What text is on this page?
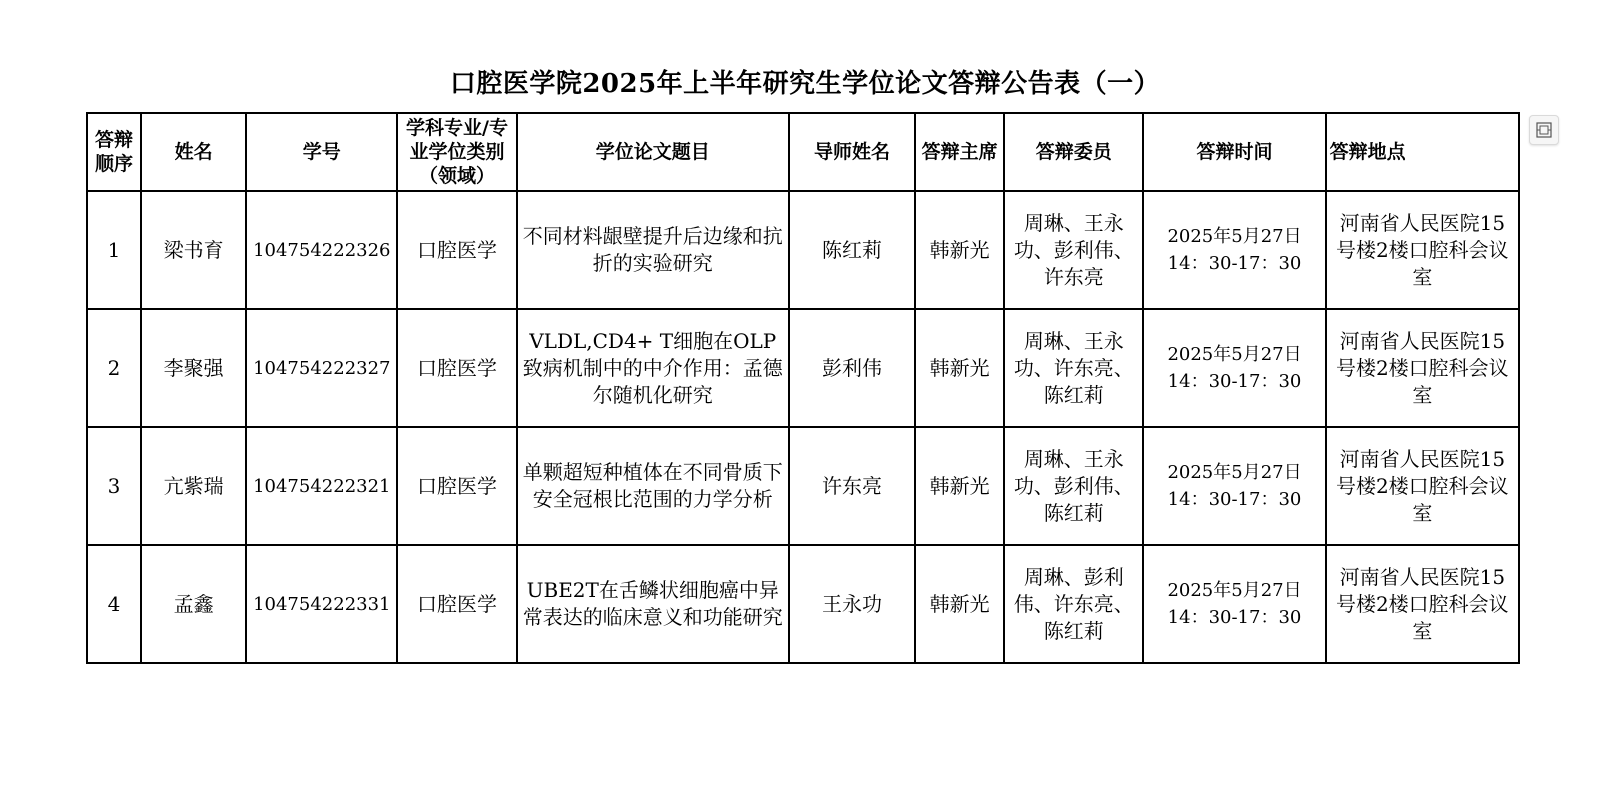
口腔医学院2025年上半年研究生学位论文答辩公告表（一）
答辩顺序	姓名	学号	学科专业/专业学位类别（领域）	学位论文题目	导师姓名	答辩主席	答辩委员	答辩时间	答辩地点
1	梁书育	104754222326	口腔医学	不同材料龈壁提升后边缘和抗折的实验研究	陈红莉	韩新光	周琳、王永功、彭利伟、许东亮	2025年5月27日14：30-17：30	河南省人民医院15号楼2楼口腔科会议室
2	李聚强	104754222327	口腔医学	VLDL,CD4+ T细胞在OLP致病机制中的中介作用：孟德尔随机化研究	彭利伟	韩新光	周琳、王永功、许东亮、陈红莉	2025年5月27日14：30-17：30	河南省人民医院15号楼2楼口腔科会议室
3	亢紫瑞	104754222321	口腔医学	单颗超短种植体在不同骨质下安全冠根比范围的力学分析	许东亮	韩新光	周琳、王永功、彭利伟、陈红莉	2025年5月27日14：30-17：30	河南省人民医院15号楼2楼口腔科会议室
4	孟鑫	104754222331	口腔医学	UBE2T在舌鳞状细胞癌中异常表达的临床意义和功能研究	王永功	韩新光	周琳、彭利伟、许东亮、陈红莉	2025年5月27日14：30-17：30	河南省人民医院15号楼2楼口腔科会议室
